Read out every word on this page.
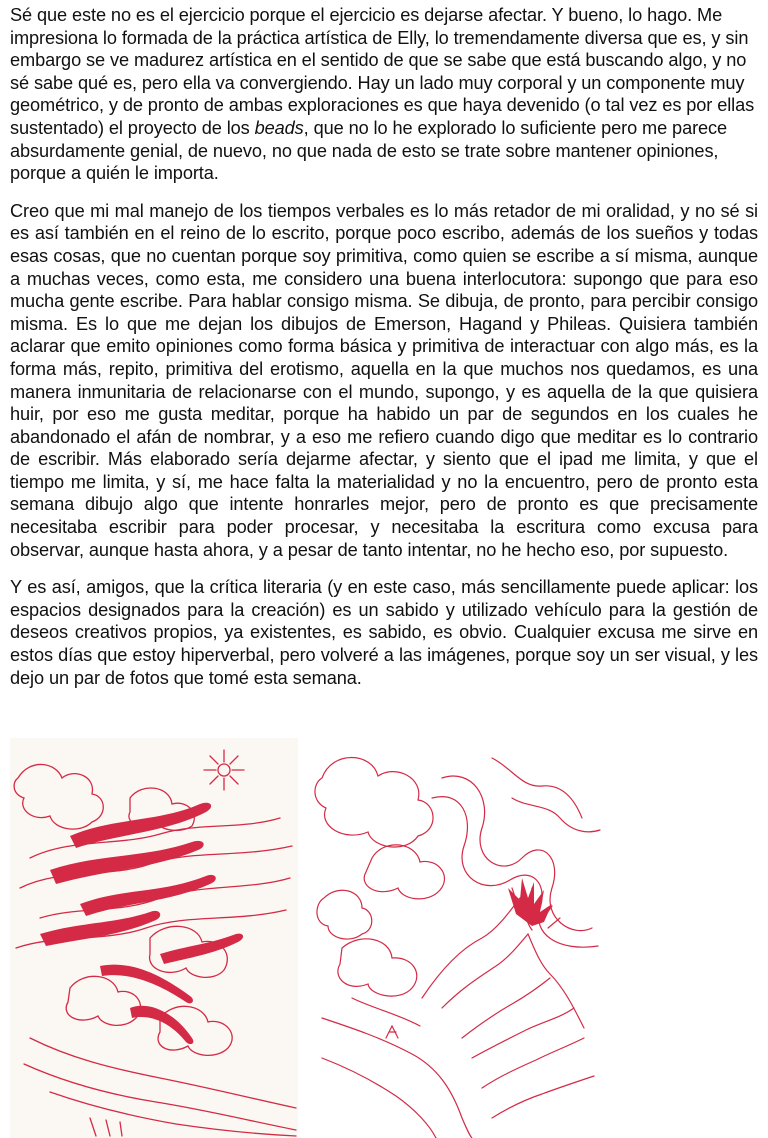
Sé que este no es el ejercicio porque el ejercicio es dejarse afectar. Y bueno, lo hago. Me impresiona lo formada de la práctica artística de Elly, lo tremendamente diversa que es, y sin embargo se ve madurez artística en el sentido de que se sabe que está buscando algo, y no sé sabe qué es, pero ella va convergiendo. Hay un lado muy corporal y un componente muy geométrico, y de pronto de ambas exploraciones es que haya devenido (o tal vez es por ellas sustentado) el proyecto de los beads, que no lo he explorado lo suficiente pero me parece absurdamente genial, de nuevo, no que nada de esto se trate sobre mantener opiniones, porque a quién le importa.

Creo que mi mal manejo de los tiempos verbales es lo más retador de mi oralidad, y no sé si es así también en el reino de lo escrito, porque poco escribo, además de los sueños y todas esas cosas, que no cuentan porque soy primitiva, como quien se escribe a sí misma, aunque a muchas veces, como esta, me considero una buena interlocutora: supongo que para eso mucha gente escribe. Para hablar consigo misma. Se dibuja, de pronto, para percibir consigo misma. Es lo que me dejan los dibujos de Emerson, Hagand y Phileas. Quisiera también aclarar que emito opiniones como forma básica y primitiva de interactuar con algo más, es la forma más, repito, primitiva del erotismo, aquella en la que muchos nos quedamos, es una manera inmunitaria de relacionarse con el mundo, supongo, y es aquella de la que quisiera huir, por eso me gusta meditar, porque ha habido un par de segundos en los cuales he abandonado el afán de nombrar, y a eso me refiero cuando digo que meditar es lo contrario de escribir. Más elaborado sería dejarme afectar, y siento que el ipad me limita, y que el tiempo me limita, y sí, me hace falta la materialidad y no la encuentro, pero de pronto esta semana dibujo algo que intente honrarles mejor, pero de pronto es que precisamente necesitaba escribir para poder procesar, y necesitaba la escritura como excusa para observar, aunque hasta ahora, y a pesar de tanto intentar, no he hecho eso, por supuesto.

Y es así, amigos, que la crítica literaria (y en este caso, más sencillamente puede aplicar: los espacios designados para la creación) es un sabido y utilizado vehículo para la gestión de deseos creativos propios, ya existentes, es sabido, es obvio. Cualquier excusa me sirve en estos días que estoy hiperverbal, pero volveré a las imágenes, porque soy un ser visual, y les dejo un par de fotos que tomé esta semana.
